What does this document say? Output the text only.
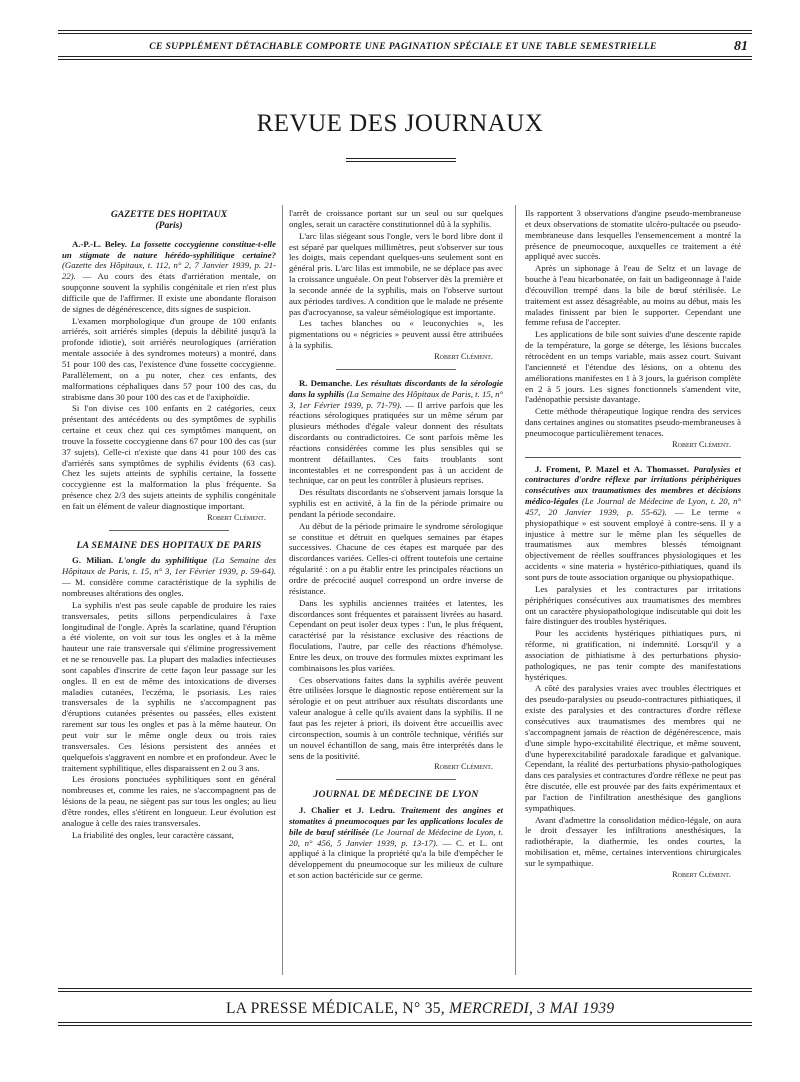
CE SUPPLÉMENT DÉTACHABLE COMPORTE UNE PAGINATION SPÉCIALE ET UNE TABLE SEMESTRIELLE	81
REVUE DES JOURNAUX
GAZETTE DES HOPITAUX
(Paris)

A.-P.-L. Beley. La fossette coccygienne constitue-t-elle un stigmate de nature hérédo-syphilitique certaine? (Gazette des Hôpitaux, t. 112, n° 2, 7 Janvier 1939, p. 21-22). — Au cours des états d'arriération mentale, on soupçonne souvent la syphilis congénitale et rien n'est plus difficile que de l'affirmer. Il existe une abondante floraison de signes de dégénérescence, dits signes de suspicion.

L'examen morphologique d'un groupe de 100 enfants arriérés, soit arriérés simples (depuis la débilité jusqu'à la profonde idiotie), soit arriérés neurologiques (arriération mentale associée à des syndromes moteurs) a montré, dans 51 pour 100 des cas, l'existence d'une fossette coccygienne. Parallèlement, on a pu noter, chez ces enfants, des malformations céphaliques dans 57 pour 100 des cas, du strabisme dans 30 pour 100 des cas et de l'axiphoïdie.

Si l'on divise ces 100 enfants en 2 catégories, ceux présentant des antécédents ou des symptômes de syphilis certaine et ceux chez qui ces symptômes manquent, on trouve la fossette coccygienne dans 67 pour 100 des cas (sur 37 sujets). Celle-ci n'existe que dans 41 pour 100 des cas d'arriérés sans symptômes de syphilis évidents (63 cas). Chez les sujets atteints de syphilis certaine, la fossette coccygienne est la malformation la plus fréquente. Sa présence chez 2/3 des sujets atteints de syphilis congénitale en fait un élément de valeur diagnostique important.

Robert Clément.

LA SEMAINE DES HOPITAUX DE PARIS

G. Milian. L'ongle du syphilitique (La Semaine des Hôpitaux de Paris, t. 15, n° 3, 1er Février 1939, p. 59-64). — M. considère comme caractéristique de la syphilis de nombreuses altérations des ongles.

La syphilis n'est pas seule capable de produire les raies transversales, petits sillons perpendiculaires à l'axe longitudinal de l'ongle. Après la scarlatine, quand l'éruption a été violente, on voit sur tous les ongles et à la même hauteur une raie transversale qui s'élimine progressivement et ne se renouvelle pas. La plupart des maladies infectieuses sont capables d'inscrire de cette façon leur passage sur les ongles. Il en est de même des intoxications de diverses maladies cutanées, l'eczéma, le psoriasis. Les raies transversales de la syphilis ne s'accompagnent pas d'éruptions cutanées présentes ou passées, elles existent rarement sur tous les ongles et pas à la même hauteur. On peut voir sur le même ongle deux ou trois raies transversales. Ces lésions persistent des années et quelquefois s'aggravent en nombre et en profondeur. Avec le traitement syphilitique, elles disparaissent en 2 ou 3 ans.

Les érosions ponctuées syphilitiques sont en général nombreuses et, comme les raies, ne s'accompagnent pas de lésions de la peau, ne siègent pas sur tous les ongles; au lieu d'être rondes, elles s'étirent en longueur. Leur évolution est analogue à celle des raies transversales.

La friabilité des ongles, leur caractère cassant,

l'arrêt de croissance portant sur un seul ou sur quelques ongles, serait un caractère constitutionnel dû à la syphilis.

L'arc lilas siégeant sous l'ongle, vers le bord libre dont il est séparé par quelques millimètres, peut s'observer sur tous les doigts, mais cependant quelques-uns seulement sont en général pris. L'arc lilas est immobile, ne se déplace pas avec la croissance unguéale. On peut l'observer dès la première et la seconde année de la syphilis, mais on l'observe surtout aux périodes tardives. A condition que le malade ne présente pas d'acrocyanose, sa valeur séméiologique est importante.

Les taches blanches ou « leuconychies », les pigmentations ou « négricies » peuvent aussi être attribuées à la syphilis.

Robert Clément.

R. Demanche. Les résultats discordants de la sérologie dans la syphilis (La Semaine des Hôpitaux de Paris, t. 15, n° 3, 1er Février 1939, p. 71-79). — Il arrive parfois que les réactions sérologiques pratiquées sur un même sérum par plusieurs méthodes d'égale valeur donnent des résultats discordants ou contradictoires. Ce sont parfois même les réactions considérées comme les plus sensibles qui se montrent défaillantes. Ces faits troublants sont incontestables et ne correspondent pas à un accident de technique, car on peut les contrôler à plusieurs reprises.

Des résultats discordants ne s'observent jamais lorsque la syphilis est en activité, à la fin de la période primaire ou pendant la période secondaire.

Au début de la période primaire le syndrome sérologique se constitue et détruit en quelques semaines par étapes successives. Chacune de ces étapes est marquée par des discordances variées. Celles-ci offrent toutefois une certaine régularité : on a pu établir entre les principales réactions un ordre de précocité auquel correspond un ordre inverse de résistance.

Dans les syphilis anciennes traitées et latentes, les discordances sont fréquentes et paraissent livrées au hasard. Cependant on peut isoler deux types : l'un, le plus fréquent, caractérisé par la résistance exclusive des réactions de floculations, l'autre, par celle des réactions d'hémolyse. Entre les deux, on trouve des formules mixtes exprimant les combinaisons les plus variées.

Ces observations faites dans la syphilis avérée peuvent être utilisées lorsque le diagnostic repose entièrement sur la sérologie et on peut attribuer aux résultats discordants une valeur analogue à celle qu'ils avaient dans la syphilis. Il ne faut pas les rejeter à priori, ils doivent être accueillis avec circonspection, soumis à un contrôle technique, vérifiés sur un nouvel échantillon de sang, mais être interprétés dans le sens de la positivité.

Robert Clément.

JOURNAL DE MÉDECINE DE LYON

J. Chalier et J. Ledru. Traitement des angines et stomatites à pneumocoques par les applications locales de bile de bœuf stérilisée (Le Journal de Médecine de Lyon, t. 20, n° 456, 5 Janvier 1939, p. 13-17). — C. et L. ont appliqué à la clinique la propriété qu'a la bile d'empêcher le développement du pneumocoque sur les milieux de culture et son action bactéricide sur ce germe.

Ils rapportent 3 observations d'angine pseudo-membraneuse et deux observations de stomatite ulcéro-pultacée ou pseudo-membraneuse dans lesquelles l'ensemencement a montré la présence de pneumocoque, auxquelles ce traitement a été appliqué avec succès.

Après un siphonage à l'eau de Seltz et un lavage de bouche à l'eau bicarbonatée, on fait un badigeonnage à l'aide d'écouvillon trempé dans la bile de bœuf stérilisée. Le traitement est assez désagréable, au moins au début, mais les malades finissent par bien le supporter. Cependant une femme refusa de l'accepter.

Les applications de bile sont suivies d'une descente rapide de la température, la gorge se déterge, les lésions buccales rétrocèdent en un temps variable, mais assez court. Suivant l'ancienneté et l'étendue des lésions, on a obtenu des améliorations manifestes en 1 à 3 jours, la guérison complète en 2 à 5 jours. Les signes fonctionnels s'amendent vite, l'adénopathie persiste davantage.

Cette méthode thérapeutique logique rendra des services dans certaines angines ou stomatites pseudo-membraneuses à pneumocoque particulièrement tenaces.

Robert Clément.

J. Froment, P. Mazel et A. Thomasset. Paralysies et contractures d'ordre réflexe par irritations périphériques consécutives aux traumatismes des membres et décisions médico-légales (Le Journal de Médecine de Lyon, t. 20, n° 457, 20 Janvier 1939, p. 55-62). — Le terme « physiopathique » est souvent employé à contre-sens. Il y a injustice à mettre sur le même plan les séquelles de traumatismes aux membres blessés témoignant objectivement de réelles souffrances physiologiques et les accidents « sine materia » hystérico-pithiatiques, quand ils sont purs de toute association organique ou physiopathique.

Les paralysies et les contractures par irritations périphériques consécutives aux traumatismes des membres ont un caractère physiopathologique indiscutable qui doit les faire distinguer des troubles hystériques.

Pour les accidents hystériques pithiatiques purs, ni réforme, ni gratification, ni indemnité. Lorsqu'il y a association de pithiatisme à des perturbations physio-pathologiques, ne pas tenir compte des manifestations hystériques.

A côté des paralysies vraies avec troubles électriques et des pseudo-paralysies ou pseudo-contractures pithiatiques, il existe des paralysies et des contractures d'ordre réflexe consécutives aux traumatismes des membres qui ne s'accompagnent jamais de réaction de dégénérescence, mais d'une simple hypo-excitabilité électrique, et même souvent, d'une hyperexcitabilité paradoxale faradique et galvanique. Cependant, la réalité des perturbations physio-pathologiques dans ces paralysies et contractures d'ordre réflexe ne peut pas être discutée, elle est prouvée par des faits expérimentaux et par l'action de l'infiltration anesthésique des ganglions sympathiques.

Avant d'admettre la consolidation médico-légale, on aura le droit d'essayer les infiltrations anesthésiques, la radiothérapie, la diathermie, les ondes courtes, la mobilisation et, même, certaines interventions chirurgicales sur le sympathique.

Robert Clément.

LA PRESSE MÉDICALE, N° 35, MERCREDI, 3 MAI 1939
